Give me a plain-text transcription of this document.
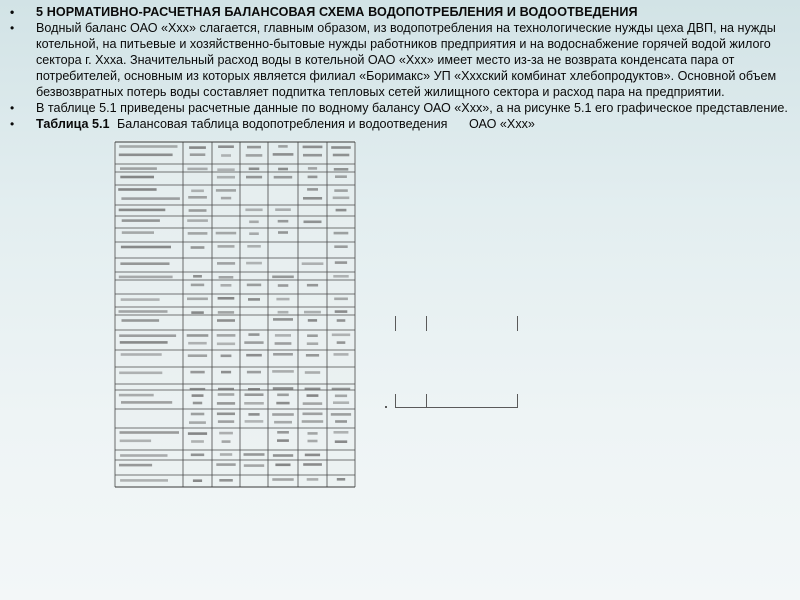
• 5 НОРМАТИВНО-РАСЧЕТНАЯ БАЛАНСОВАЯ СХЕМА ВОДОПОТРЕБЛЕНИЯ И ВОДООТВЕДЕНИЯ
• Водный баланс ОАО «Ххх» слагается, главным образом, из водопотребления на технологические нужды цеха ДВП, на нужды котельной, на питьевые и хозяйственно-бытовые нужды работников предприятия и на водоснабжение горячей водой жилого сектора г. Ххха. Значительный расход воды в котельной ОАО «Ххх» имеет место из-за не возврата конденсата пара от потребителей, основным из которых является филиал «Боримакс» УП «Хххский комбинат хлебопродуктов». Основной объем безвозвратных потерь воды составляет подпитка тепловых сетей жилищного сектора и расход пара на предприятии.
• В таблице 5.1 приведены расчетные данные по водному балансу ОАО «Ххх», а на рисунке 5.1 его графическое представление.
• Таблица 5.1 Балансовая таблица водопотребления и водоотведения ОАО «Ххх»
